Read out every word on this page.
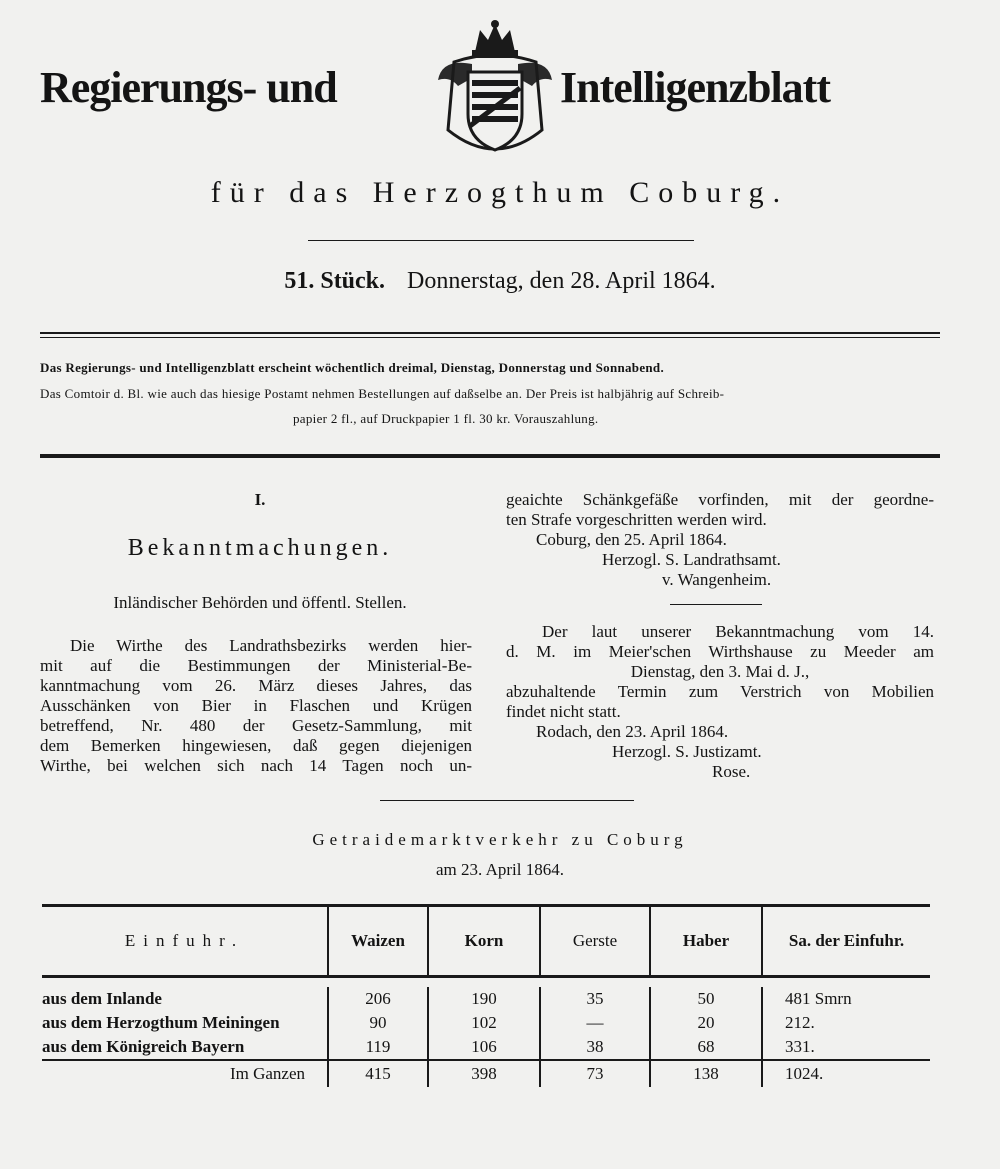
Regierungs- und	Intelligenzblatt
für das Herzogthum Coburg.
51. Stück. Donnerstag, den 28. April 1864.
Das Regierungs- und Intelligenzblatt erscheint wöchentlich dreimal, Dienstag, Donnerstag und Sonnabend.
Das Comtoir d. Bl. wie auch das hiesige Postamt nehmen Bestellungen auf daßselbe an. Der Preis ist halbjährig auf Schreib-
papier 2 fl., auf Druckpapier 1 fl. 30 kr. Vorauszahlung.
I.
Bekanntmachungen.
Inländischer Behörden und öffentl. Stellen.
Die Wirthe des Landrathsbezirks werden hier-
mit auf die Bestimmungen der Ministerial-Be-
kanntmachung vom 26. März dieses Jahres, das
Ausschänken von Bier in Flaschen und Krügen
betreffend, Nr. 480 der Gesetz-Sammlung, mit
dem Bemerken hingewiesen, daß gegen diejenigen
Wirthe, bei welchen sich nach 14 Tagen noch un-
geaichte Schänkgefäße vorfinden, mit der geordne-
ten Strafe vorgeschritten werden wird.
Coburg, den 25. April 1864.
Herzogl. S. Landrathsamt.
v. Wangenheim.
Der laut unserer Bekanntmachung vom 14.
d. M. im Meier'schen Wirthshause zu Meeder am
Dienstag, den 3. Mai d. J.,
abzuhaltende Termin zum Verstrich von Mobilien
findet nicht statt.
Rodach, den 23. April 1864.
Herzogl. S. Justizamt.
Rose.
Getraidemarktverkehr zu Coburg
am 23. April 1864.
Einfuhr.	Waizen	Korn	Gerste	Haber	Sa. der Einfuhr.

aus dem Inlande	206	190	35	50	481 Smrn
aus dem Herzogthum Meiningen	90	102	—	20	212.
aus dem Königreich Bayern	119	106	38	68	331.
Im Ganzen	415	398	73	138	1024.
